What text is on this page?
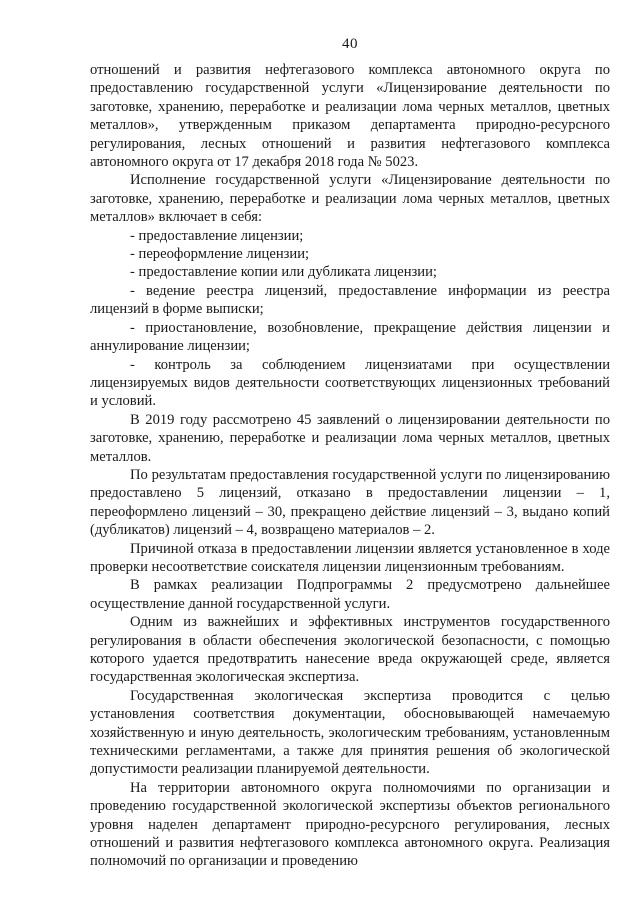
40

отношений и развития нефтегазового комплекса автономного округа по предоставлению государственной услуги «Лицензирование деятельности по заготовке, хранению, переработке и реализации лома черных металлов, цветных металлов», утвержденным приказом департамента природно-ресурсного регулирования, лесных отношений и развития нефтегазового комплекса автономного округа от 17 декабря 2018 года № 5023.

Исполнение государственной услуги «Лицензирование деятельности по заготовке, хранению, переработке и реализации лома черных металлов, цветных металлов» включает в себя:

- предоставление лицензии;

- переоформление лицензии;

- предоставление копии или дубликата лицензии;

- ведение реестра лицензий, предоставление информации из реестра лицензий в форме выписки;

- приостановление, возобновление, прекращение действия лицензии и аннулирование лицензии;

- контроль за соблюдением лицензиатами при осуществлении лицензируемых видов деятельности соответствующих лицензионных требований и условий.

В 2019 году рассмотрено 45 заявлений о лицензировании деятельности по заготовке, хранению, переработке и реализации лома черных металлов, цветных металлов.

По результатам предоставления государственной услуги по лицензированию предоставлено 5 лицензий, отказано в предоставлении лицензии – 1, переоформлено лицензий – 30, прекращено действие лицензий – 3, выдано копий (дубликатов) лицензий – 4, возвращено материалов – 2.

Причиной отказа в предоставлении лицензии является установленное в ходе проверки несоответствие соискателя лицензии лицензионным требованиям.

В рамках реализации Подпрограммы 2 предусмотрено дальнейшее осуществление данной государственной услуги.

Одним из важнейших и эффективных инструментов государственного регулирования в области обеспечения экологической безопасности, с помощью которого удается предотвратить нанесение вреда окружающей среде, является государственная экологическая экспертиза.

Государственная экологическая экспертиза проводится с целью установления соответствия документации, обосновывающей намечаемую хозяйственную и иную деятельность, экологическим требованиям, установленным техническими регламентами, а также для принятия решения об экологической допустимости реализации планируемой деятельности.

На территории автономного округа полномочиями по организации и проведению государственной экологической экспертизы объектов регионального уровня наделен департамент природно-ресурсного регулирования, лесных отношений и развития нефтегазового комплекса автономного округа. Реализация полномочий по организации и проведению
